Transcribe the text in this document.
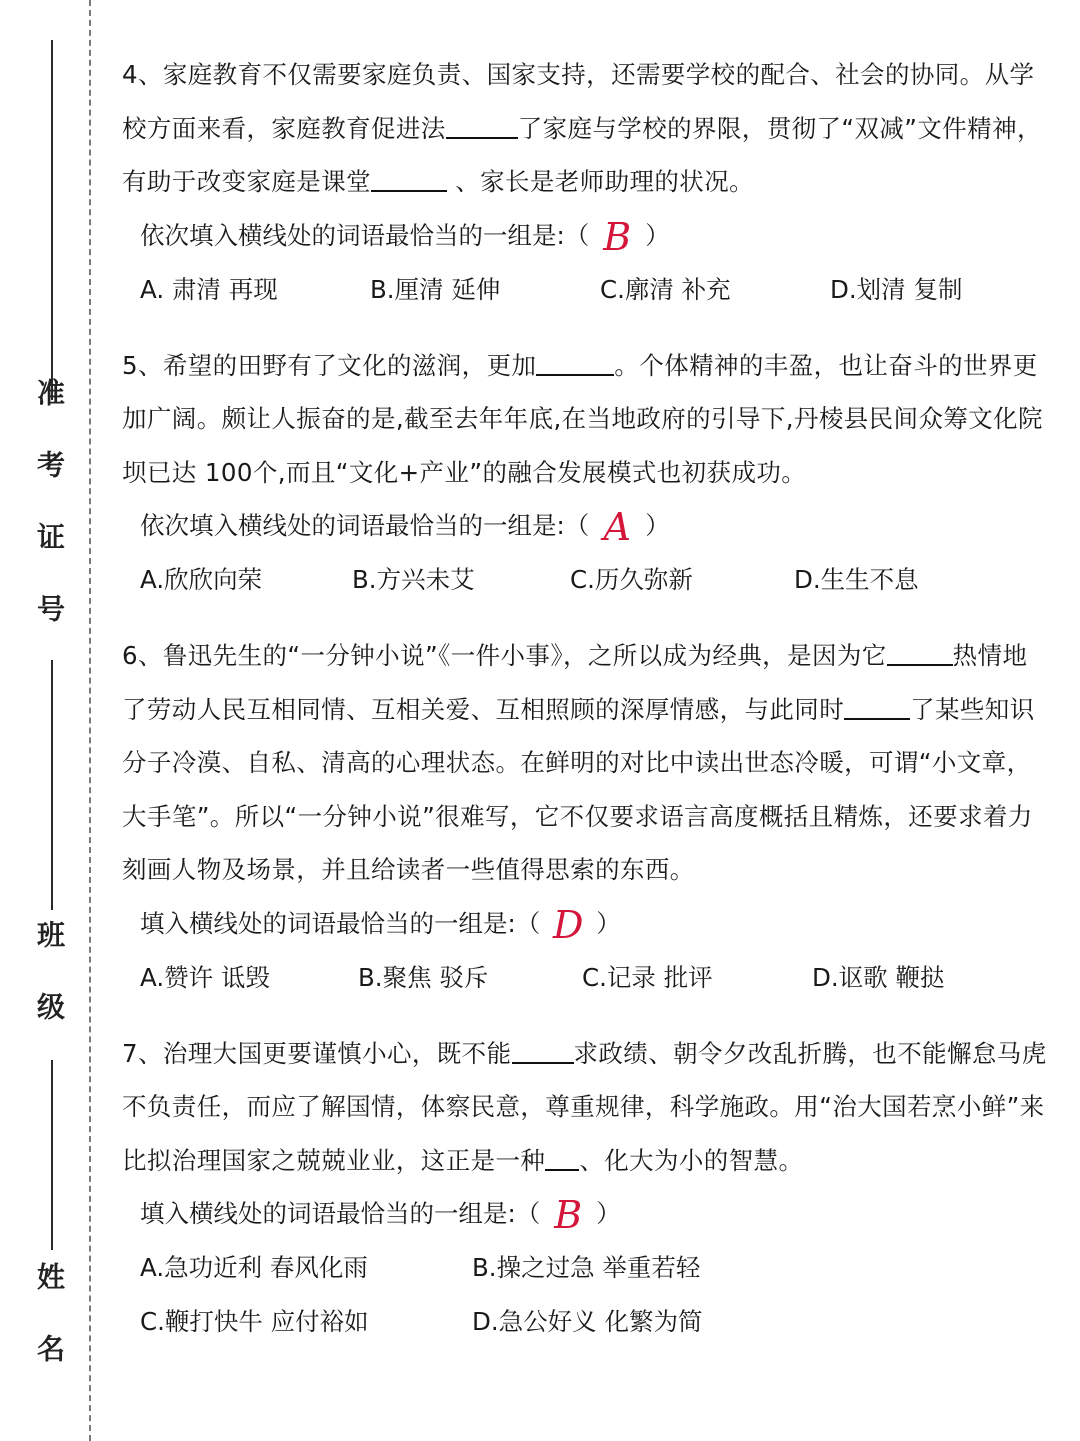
准考证号
班级
姓名

4、家庭教育不仅需要家庭负责、国家支持，还需要学校的配合、社会的协同。从学校方面来看，家庭教育促进法	了家庭与学校的界限，贯彻了“双减”文件精神，有助于改变家庭是课堂	、家长是老师助理的状况。

依次填入横线处的词语最恰当的一组是:（ B ）

A. 肃清 再现	B.厘清 延伸	C.廓清 补充	D.划清 复制

5、希望的田野有了文化的滋润，更加	。个体精神的丰盈，也让奋斗的世界更加广阔。颇让人振奋的是,截至去年年底,在当地政府的引导下,丹棱县民间众筹文化院坝已达 100个,而且“文化+产业”的融合发展模式也初获成功。

依次填入横线处的词语最恰当的一组是:（ A ）

A.欣欣向荣	B.方兴未艾	C.历久弥新	D.生生不息

6、鲁迅先生的“一分钟小说”《一件小事》，之所以成为经典，是因为它	热情地了劳动人民互相同情、互相关爱、互相照顾的深厚情感，与此同时	了某些知识分子冷漠、自私、清高的心理状态。在鲜明的对比中读出世态冷暖，可谓“小文章，大手笔”。所以“一分钟小说”很难写，它不仅要求语言高度概括且精炼，还要求着力刻画人物及场景，并且给读者一些值得思索的东西。

填入横线处的词语最恰当的一组是:（ D ）

A.赞许 诋毁	B.聚焦 驳斥	C.记录 批评	D.讴歌 鞭挞

7、治理大国更要谨慎小心，既不能	求政绩、朝令夕改乱折腾，也不能懈怠马虎不负责任，而应了解国情，体察民意，尊重规律，科学施政。用“治大国若烹小鲜”来比拟治理国家之兢兢业业，这正是一种 、化大为小的智慧。

填入横线处的词语最恰当的一组是:（ B ）

A.急功近利 春风化雨	B.操之过急 举重若轻
C.鞭打快牛 应付裕如	D.急公好义 化繁为简
